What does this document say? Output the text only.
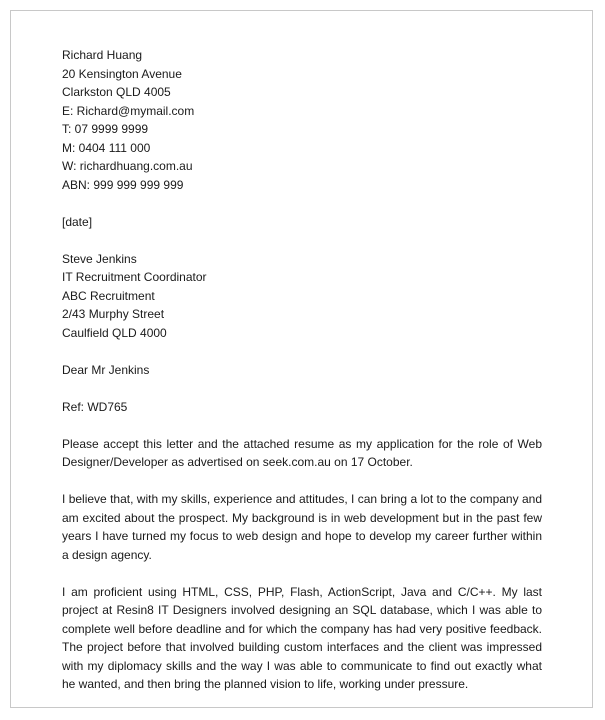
Richard Huang
20 Kensington Avenue
Clarkston QLD 4005
E: Richard@mymail.com
T: 07 9999 9999
M: 0404 111 000
W: richardhuang.com.au
ABN: 999 999 999 999
[date]
Steve Jenkins
IT Recruitment Coordinator
ABC Recruitment
2/43 Murphy Street
Caulfield QLD 4000
Dear Mr Jenkins
Ref: WD765

Please accept this letter and the attached resume as my application for the role of Web Designer/Developer as advertised on seek.com.au on 17 October.

I believe that, with my skills, experience and attitudes, I can bring a lot to the company and am excited about the prospect. My background is in web development but in the past few years I have turned my focus to web design and hope to develop my career further within a design agency.

I am proficient using HTML, CSS, PHP, Flash, ActionScript, Java and C/C++. My last project at Resin8 IT Designers involved designing an SQL database, which I was able to complete well before deadline and for which the company has had very positive feedback. The project before that involved building custom interfaces and the client was impressed with my diplomacy skills and the way I was able to communicate to find out exactly what he wanted, and then bring the planned vision to life, working under pressure.
